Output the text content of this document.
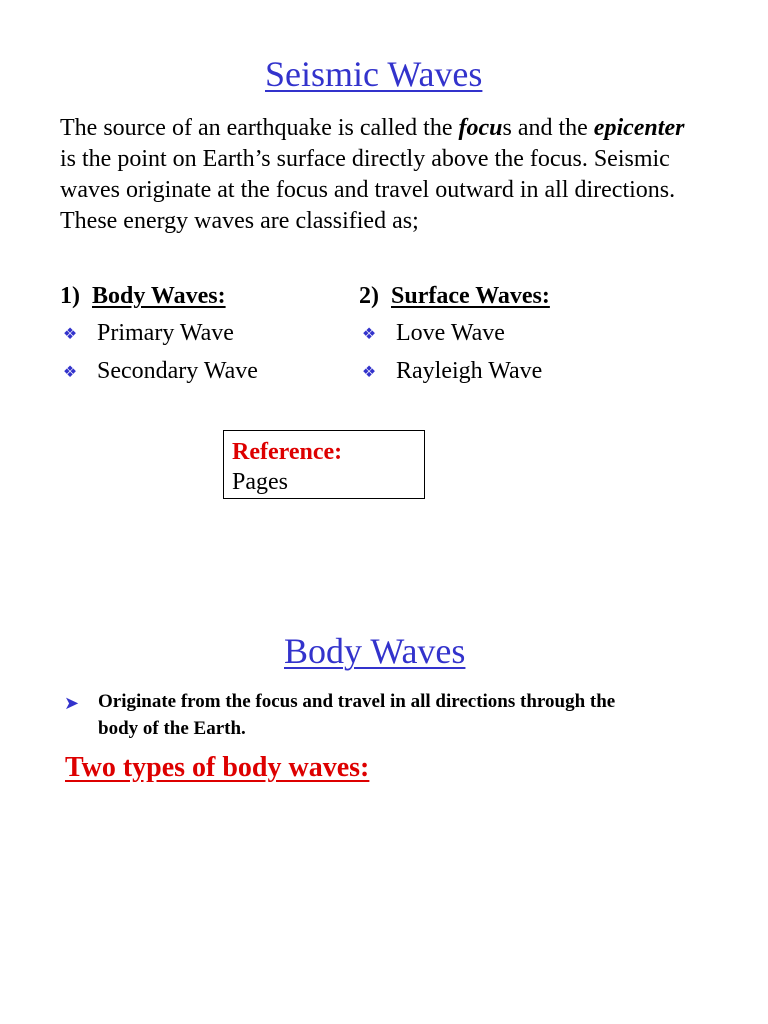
Seismic Waves
The source of an earthquake is called the focus and the epicenter is the point on Earth’s surface directly above the focus. Seismic waves originate at the focus and travel outward in all directions.
These energy waves are classified as;
1) Body Waves:
❖ Primary Wave
❖ Secondary Wave
2) Surface Waves:
❖ Love Wave
❖ Rayleigh Wave
Reference:
Pages
Body Waves
➤ Originate from the focus and travel in all directions through the body of the Earth.
Two types of body waves:
